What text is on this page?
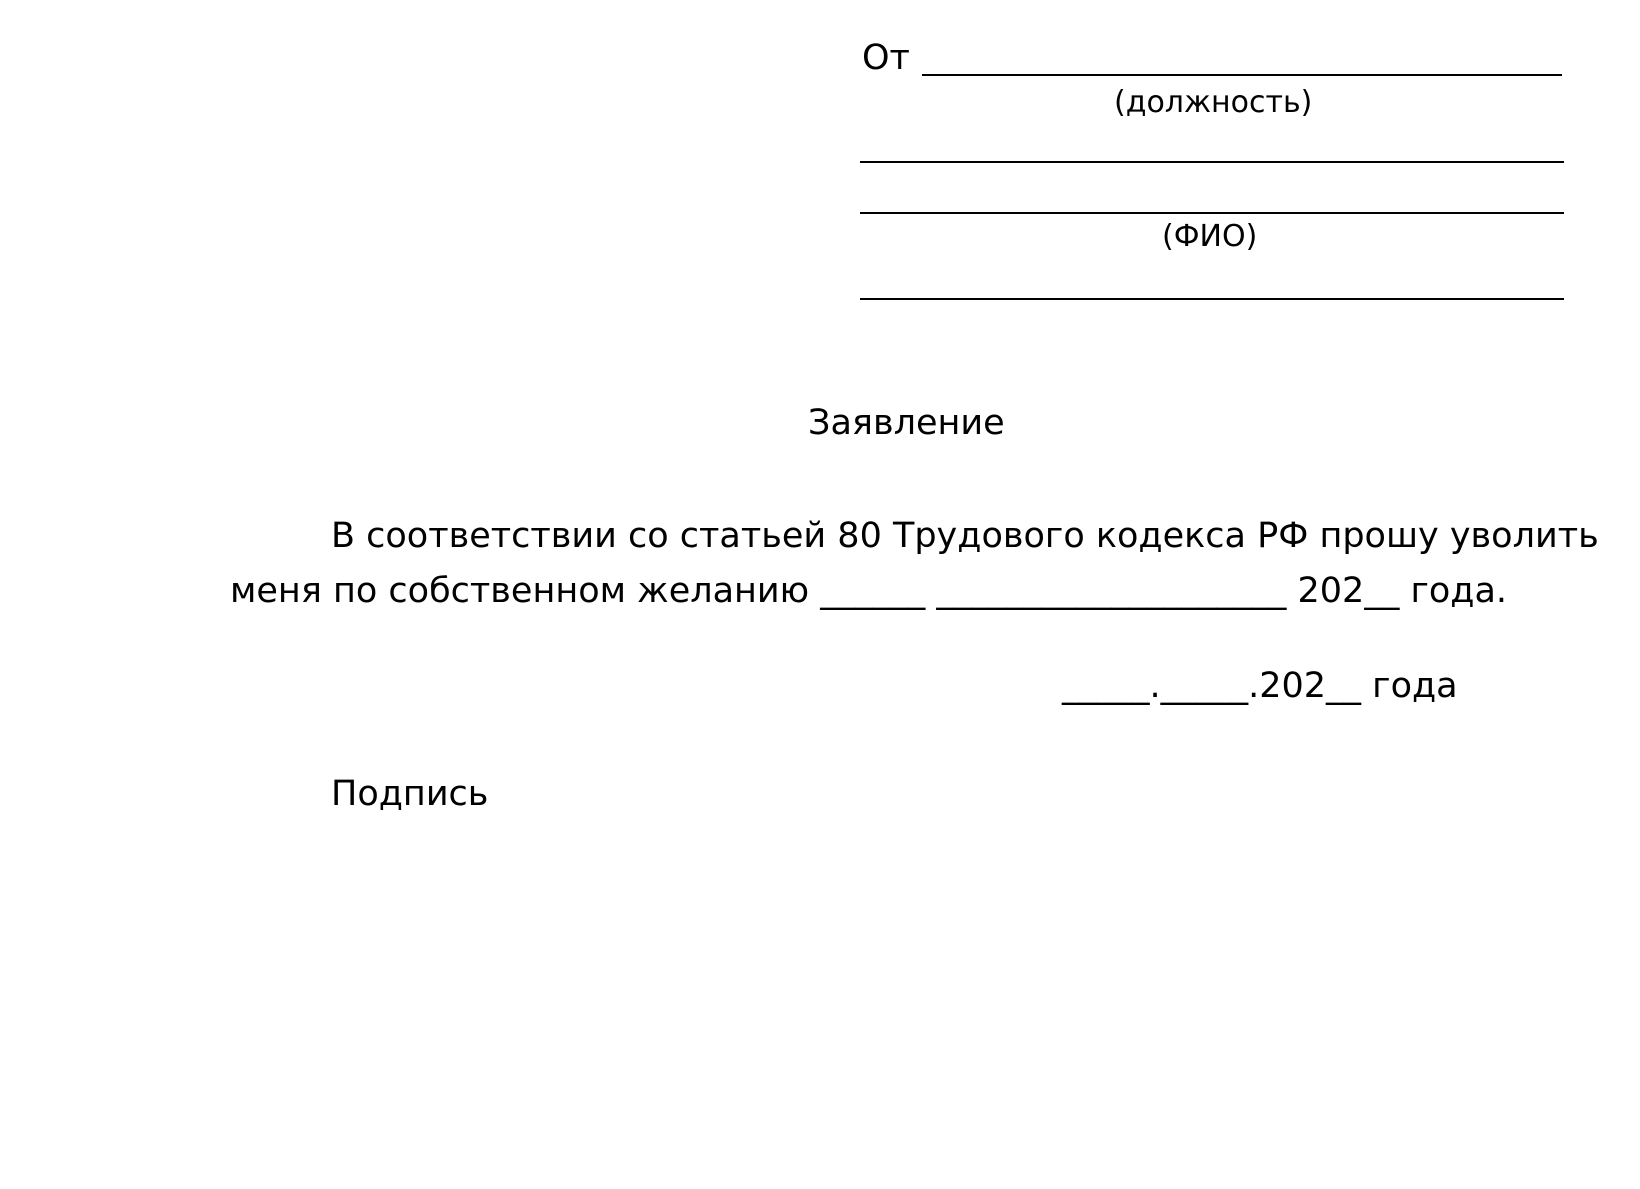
От
(должность)
(ФИО)
Заявление
В соответствии со статьей 80 Трудового кодекса РФ прошу уволить
меня по собственном желанию ______ ____________________ 202__ года.
_____._____.202__ года
Подпись
